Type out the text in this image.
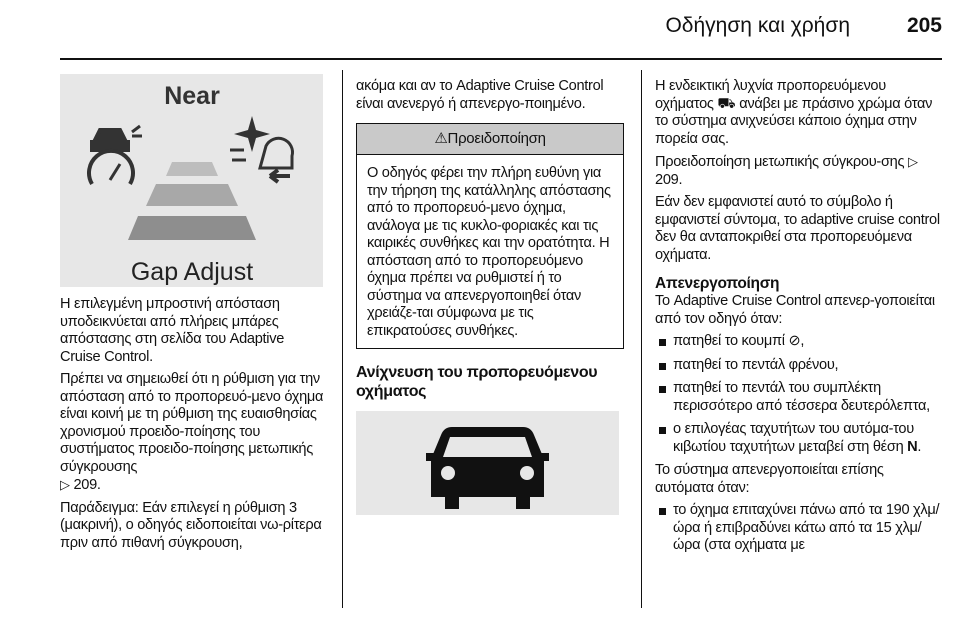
Οδήγηση και χρήση	205
Near
Gap Adjust

Η επιλεγμένη μπροστινή απόσταση υποδεικνύεται από πλήρεις μπάρες απόστασης στη σελίδα του Adaptive Cruise Control.

Πρέπει να σημειωθεί ότι η ρύθμιση για την απόσταση από το προπορευό-μενο όχημα είναι κοινή με τη ρύθμιση της ευαισθησίας χρονισμού προειδο-ποίησης του συστήματος προειδο-ποίησης μετωπικής σύγκρουσης
▷ 209.

Παράδειγμα: Εάν επιλεγεί η ρύθμιση 3 (μακρινή), ο οδηγός ειδοποιείται νω-ρίτερα πριν από πιθανή σύγκρουση,

ακόμα και αν το Adaptive Cruise Control είναι ανενεργό ή απενεργο-ποιημένο.

⚠Προειδοποίηση
Ο οδηγός φέρει την πλήρη ευθύνη για την τήρηση της κατάλληλης απόστασης από το προπορευό-μενο όχημα, ανάλογα με τις κυκλο-φοριακές και τις καιρικές συνθήκες και την ορατότητα. Η απόσταση από το προπορευόμενο όχημα πρέπει να ρυθμιστεί ή το σύστημα να απενεργοποιηθεί όταν χρειάζε-ται σύμφωνα με τις επικρατούσες συνθήκες.
Ανίχνευση του προπορευόμενου οχήματος

Η ενδεικτική λυχνία προπορευόμενου οχήματος ⛟ ανάβει με πράσινο χρώμα όταν το σύστημα ανιχνεύσει κάποιο όχημα στην πορεία σας.

Προειδοποίηση μετωπικής σύγκρου-σης ▷ 209.

Εάν δεν εμφανιστεί αυτό το σύμβολο ή εμφανιστεί σύντομα, το adaptive cruise control δεν θα ανταποκριθεί στα προπορευόμενα οχήματα.

Απενεργοποίηση

Το Adaptive Cruise Control απενερ-γοποιείται από τον οδηγό όταν:

πατηθεί το κουμπί ⊘,
πατηθεί το πεντάλ φρένου,
πατηθεί το πεντάλ του συμπλέκτη περισσότερο από τέσσερα δευτερόλεπτα,
ο επιλογέας ταχυτήτων του αυτόμα-του κιβωτίου ταχυτήτων μεταβεί στη θέση N.

Το σύστημα απενεργοποιείται επίσης αυτόματα όταν:

το όχημα επιταχύνει πάνω από τα 190 χλμ/ώρα ή επιβραδύνει κάτω από τα 15 χλμ/ώρα (στα οχήματα με
